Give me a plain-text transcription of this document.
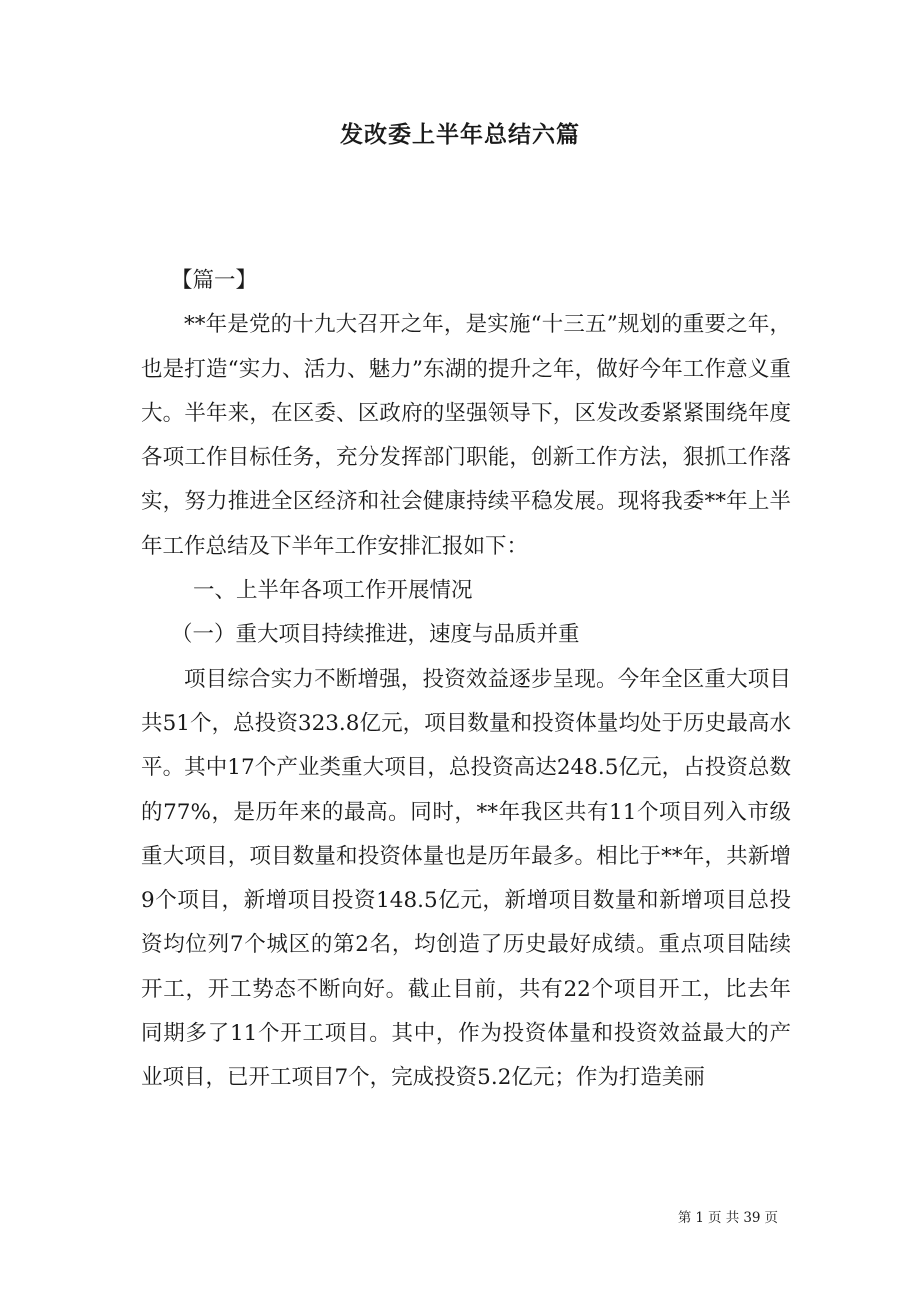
发改委上半年总结六篇

【篇一】

**年是党的十九大召开之年，是实施“十三五”规划的重要之年，也是打造“实力、活力、魅力”东湖的提升之年，做好今年工作意义重大。半年来，在区委、区政府的坚强领导下，区发改委紧紧围绕年度各项工作目标任务，充分发挥部门职能，创新工作方法，狠抓工作落实，努力推进全区经济和社会健康持续平稳发展。现将我委**年上半年工作总结及下半年工作安排汇报如下：

一、上半年各项工作开展情况

（一）重大项目持续推进，速度与品质并重

项目综合实力不断增强，投资效益逐步呈现。今年全区重大项目共51个，总投资323.8亿元，项目数量和投资体量均处于历史最高水平。其中17个产业类重大项目，总投资高达248.5亿元，占投资总数的77%，是历年来的最高。同时，**年我区共有11个项目列入市级重大项目，项目数量和投资体量也是历年最多。相比于**年，共新增9个项目，新增项目投资148.5亿元，新增项目数量和新增项目总投资均位列7个城区的第2名，均创造了历史最好成绩。重点项目陆续开工，开工势态不断向好。截止目前，共有22个项目开工，比去年同期多了11个开工项目。其中，作为投资体量和投资效益最大的产业项目，已开工项目7个，完成投资5.2亿元；作为打造美丽

第 1 页 共 39 页
